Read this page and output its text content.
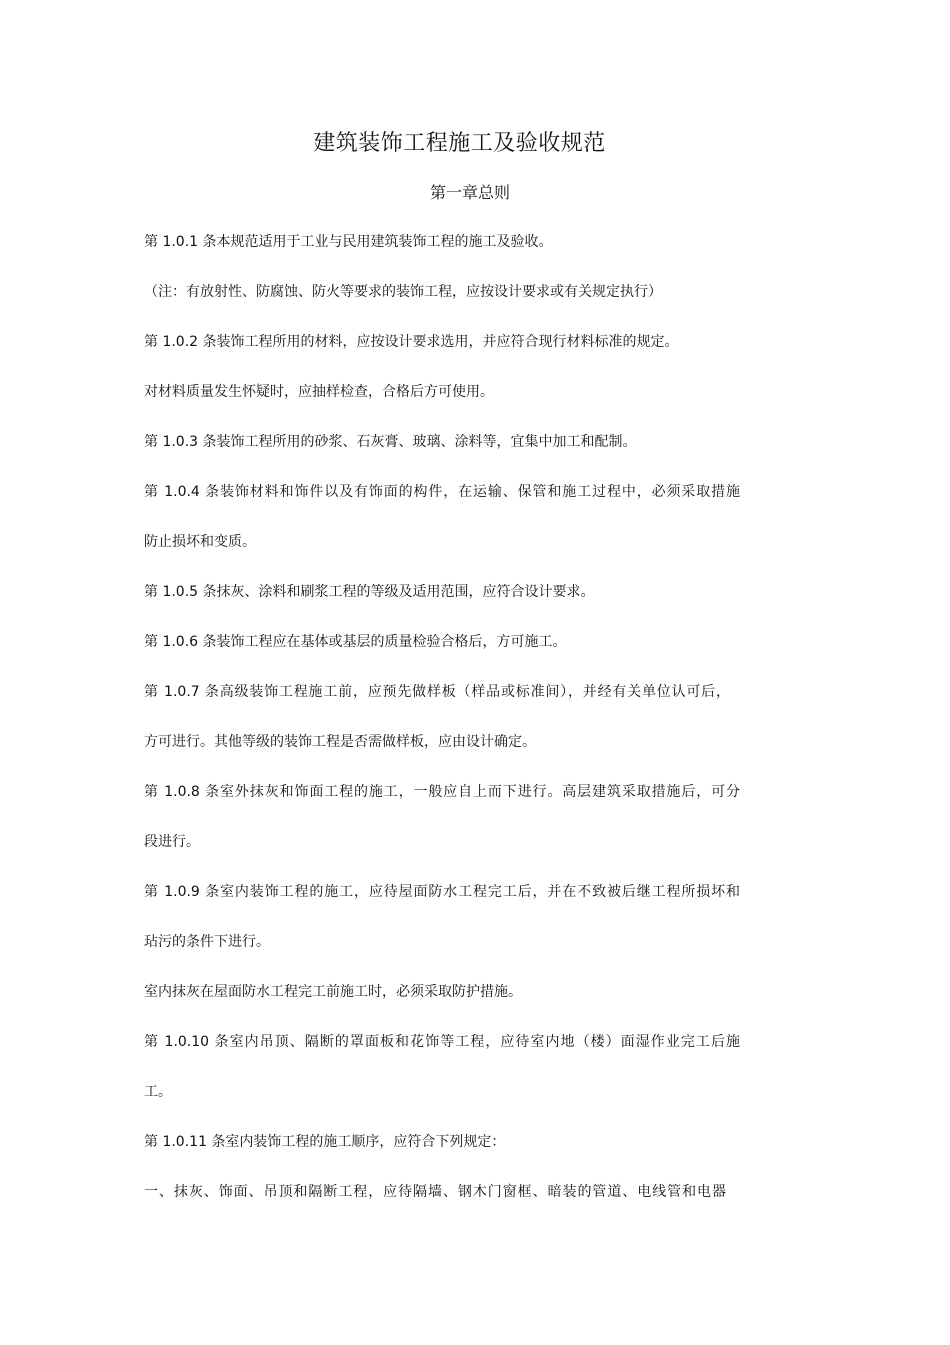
建筑装饰工程施工及验收规范
第一章总则

第 1.0.1 条本规范适用于工业与民用建筑装饰工程的施工及验收。

（注：有放射性、防腐蚀、防火等要求的装饰工程，应按设计要求或有关规定执行）

第 1.0.2 条装饰工程所用的材料，应按设计要求选用，并应符合现行材料标准的规定。

对材料质量发生怀疑时，应抽样检查，合格后方可使用。

第 1.0.3 条装饰工程所用的砂浆、石灰膏、玻璃、涂料等，宜集中加工和配制。

第 1.0.4 条装饰材料和饰件以及有饰面的构件，在运输、保管和施工过程中，必须采取措施

防止损坏和变质。

第 1.0.5 条抹灰、涂料和刷浆工程的等级及适用范围，应符合设计要求。

第 1.0.6 条装饰工程应在基体或基层的质量检验合格后，方可施工。

第 1.0.7 条高级装饰工程施工前，应预先做样板（样品或标准间），并经有关单位认可后，

方可进行。其他等级的装饰工程是否需做样板，应由设计确定。

第 1.0.8 条室外抹灰和饰面工程的施工，一般应自上而下进行。高层建筑采取措施后，可分

段进行。

第 1.0.9 条室内装饰工程的施工，应待屋面防水工程完工后，并在不致被后继工程所损坏和

玷污的条件下进行。

室内抹灰在屋面防水工程完工前施工时，必须采取防护措施。

第 1.0.10 条室内吊顶、隔断的罩面板和花饰等工程，应待室内地（楼）面湿作业完工后施

工。

第 1.0.11 条室内装饰工程的施工顺序，应符合下列规定：

一、抹灰、饰面、吊顶和隔断工程，应待隔墙、钢木门窗框、暗装的管道、电线管和电器
